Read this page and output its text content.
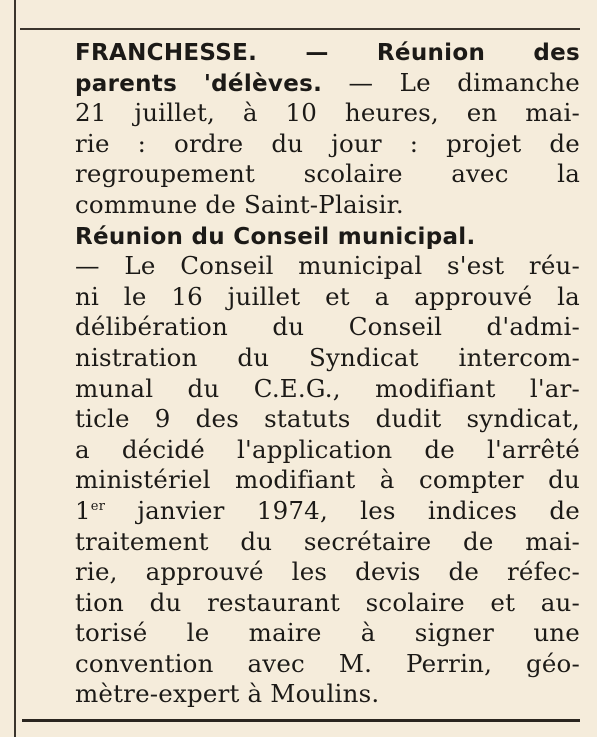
FRANCHESSE. — Réunion des
parents 'délèves. — Le dimanche
21 juillet, à 10 heures, en mai-
rie : ordre du jour : projet de
regroupement scolaire avec la
commune de Saint-Plaisir.
Réunion du Conseil municipal.
— Le Conseil municipal s'est réu-
ni le 16 juillet et a approuvé la
délibération du Conseil d'admi-
nistration du Syndicat intercom-
munal du C.E.G., modifiant l'ar-
ticle 9 des statuts dudit syndicat,
a décidé l'application de l'arrêté
ministériel modifiant à compter du
1er janvier 1974, les indices de
traitement du secrétaire de mai-
rie, approuvé les devis de réfec-
tion du restaurant scolaire et au-
torisé le maire à signer une
convention avec M. Perrin, géo-
mètre-expert à Moulins.
